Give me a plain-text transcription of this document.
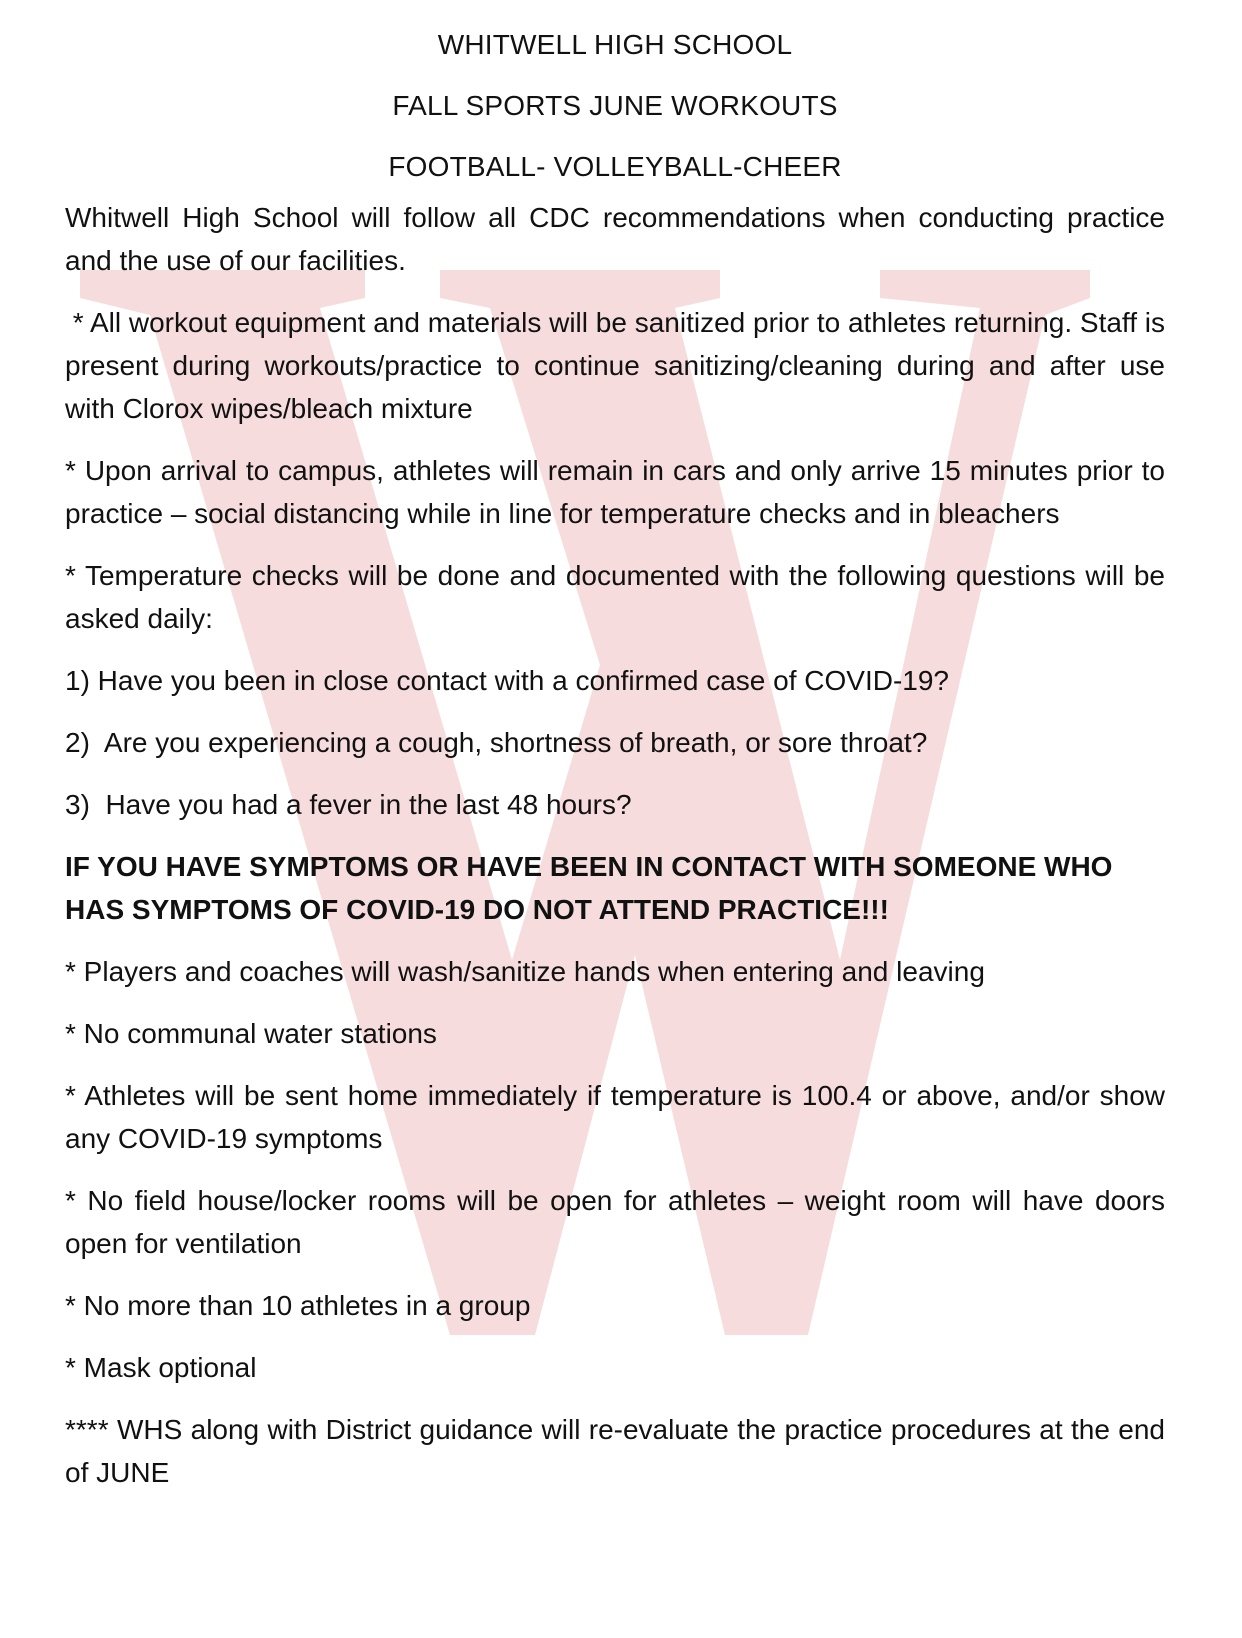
WHITWELL HIGH SCHOOL
FALL SPORTS JUNE WORKOUTS
FOOTBALL- VOLLEYBALL-CHEER

Whitwell High School will follow all CDC recommendations when conducting practice and the use of our facilities.

* All workout equipment and materials will be sanitized prior to athletes returning. Staff is present during workouts/practice to continue sanitizing/cleaning during and after use with Clorox wipes/bleach mixture

* Upon arrival to campus, athletes will remain in cars and only arrive 15 minutes prior to practice – social distancing while in line for temperature checks and in bleachers

* Temperature checks will be done and documented with the following questions will be asked daily:

1) Have you been in close contact with a confirmed case of COVID-19?

2)  Are you experiencing a cough, shortness of breath, or sore throat?

3)  Have you had a fever in the last 48 hours?

IF YOU HAVE SYMPTOMS OR HAVE BEEN IN CONTACT WITH SOMEONE WHO HAS SYMPTOMS OF COVID-19 DO NOT ATTEND PRACTICE!!!

* Players and coaches will wash/sanitize hands when entering and leaving

* No communal water stations

* Athletes will be sent home immediately if temperature is 100.4 or above, and/or show any COVID-19 symptoms

* No field house/locker rooms will be open for athletes – weight room will have doors open for ventilation

* No more than 10 athletes in a group

* Mask optional

**** WHS along with District guidance will re-evaluate the practice procedures at the end of JUNE
